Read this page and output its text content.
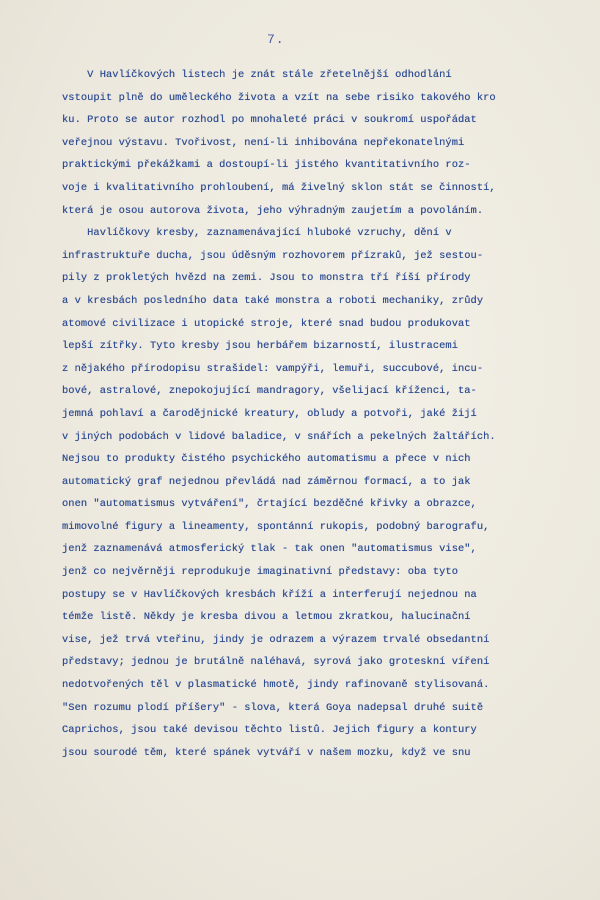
7.
V Havlíčkových listech je znát stále zřetelnější odhodlání
vstoupit plně do uměleckého života a vzít na sebe risiko takového kro
ku. Proto se autor rozhodl po mnohaleté práci v soukromí uspořádat
veřejnou výstavu. Tvořivost, není-li inhibována nepřekonatelnými
praktickými překážkami a dostoupí-li jistého kvantitativního roz-
voje i kvalitativního prohloubení, má živelný sklon stát se činností,
která je osou autorova života, jeho výhradným zaujetím a povoláním.
Havlíčkovy kresby, zaznamenávající hluboké vzruchy, dění v
infrastruktuře ducha, jsou úděsným rozhovorem přízraků, jež sestou-
pily z prokletých hvězd na zemi. Jsou to monstra tří říší přírody
a v kresbách posledního data také monstra a roboti mechaniky, zrůdy
atomové civilizace i utopické stroje, které snad budou produkovat
lepší zítřky. Tyto kresby jsou herbářem bizarností, ilustracemi
z nějakého přírodopisu strašidel: vampýři, lemuři, succubové, incu-
bové, astralové, znepokojující mandragory, všelijací kříženci, ta-
jemná pohlaví a čarodějnické kreatury, obludy a potvoři, jaké žijí
v jiných podobách v lidové baladice, v snářích a pekelných žaltářích.
Nejsou to produkty čistého psychického automatismu a přece v nich
automatický graf nejednou převládá nad záměrnou formací, a to jak
onen "automatismus vytváření", črtající bezděčné křivky a obrazce,
mimovolné figury a lineamenty, spontánní rukopis, podobný barografu,
jenž zaznamenává atmosferický tlak - tak onen "automatismus vise",
jenž co nejvěrněji reprodukuje imaginativní představy: oba tyto
postupy se v Havlíčkových kresbách kříží a interferují nejednou na
témže listě. Někdy je kresba divou a letmou zkratkou, halucinační
vise, jež trvá vteřinu, jindy je odrazem a výrazem trvalé obsedantní
představy; jednou je brutálně naléhavá, syrová jako groteskní víření
nedotvořených těl v plasmatické hmotě, jindy rafinovaně stylisovaná.
"Sen rozumu plodí příšery" - slova, která Goya nadepsal druhé suitě
Caprichos, jsou také devisou těchto listů. Jejich figury a kontury
jsou sourodé těm, které spánek vytváří v našem mozku, když ve snu
